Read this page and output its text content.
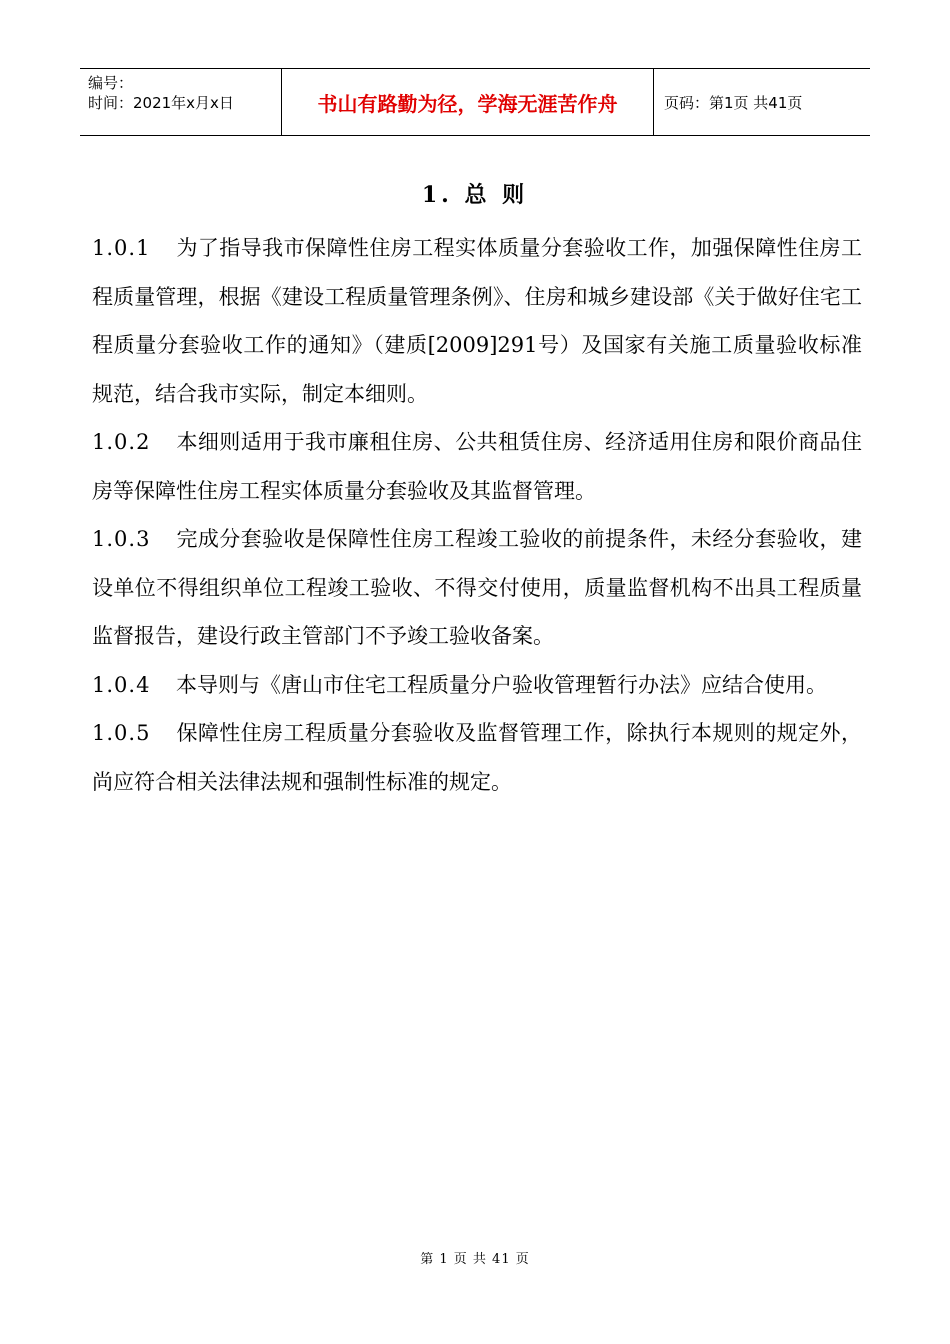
编号：
时间：2021年x月x日	书山有路勤为径，学海无涯苦作舟	页码：第1页 共41页
1. 总 则

1.0.1 为了指导我市保障性住房工程实体质量分套验收工作，加强保障性住房工程质量管理，根据《建设工程质量管理条例》、住房和城乡建设部《关于做好住宅工程质量分套验收工作的通知》（建质[2009]291号）及国家有关施工质量验收标准规范，结合我市实际，制定本细则。

1.0.2 本细则适用于我市廉租住房、公共租赁住房、经济适用住房和限价商品住房等保障性住房工程实体质量分套验收及其监督管理。

1.0.3 完成分套验收是保障性住房工程竣工验收的前提条件，未经分套验收，建设单位不得组织单位工程竣工验收、不得交付使用，质量监督机构不出具工程质量监督报告，建设行政主管部门不予竣工验收备案。

1.0.4 本导则与《唐山市住宅工程质量分户验收管理暂行办法》应结合使用。

1.0.5 保障性住房工程质量分套验收及监督管理工作，除执行本规则的规定外，尚应符合相关法律法规和强制性标准的规定。

第 1 页 共 41 页
